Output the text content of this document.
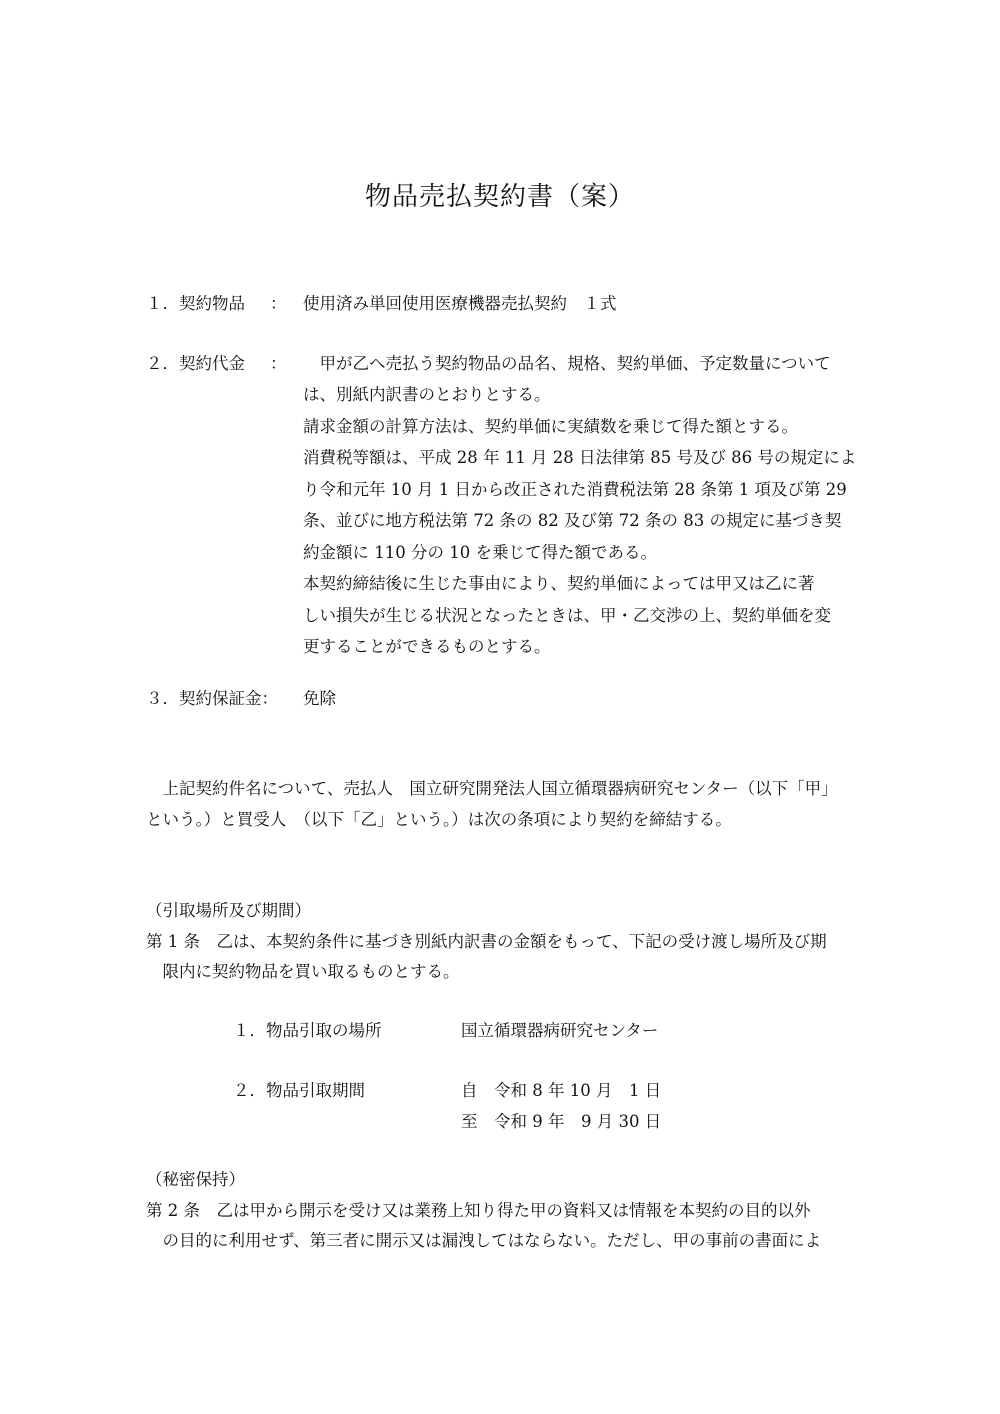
物品売払契約書（案）
１．契約物品 ： 使用済み単回使用医療機器売払契約　１式
２．契約代金 ： 　甲が乙へ売払う契約物品の品名、規格、契約単価、予定数量について
は、別紙内訳書のとおりとする。
請求金額の計算方法は、契約単価に実績数を乗じて得た額とする。
消費税等額は、平成 28 年 11 月 28 日法律第 85 号及び 86 号の規定によ
り令和元年 10 月 1 日から改正された消費税法第 28 条第 1 項及び第 29
条、並びに地方税法第 72 条の 82 及び第 72 条の 83 の規定に基づき契
約金額に 110 分の 10 を乗じて得た額である。
本契約締結後に生じた事由により、契約単価によっては甲又は乙に著
しい損失が生じる状況となったときは、甲・乙交渉の上、契約単価を変
更することができるものとする。
３．契約保証金： 免除
　上記契約件名について、売払人　国立研究開発法人国立循環器病研究センター（以下「甲」
という。）と買受人　（以下「乙」という。）は次の条項により契約を締結する。
（引取場所及び期間）
第 1 条　乙は、本契約条件に基づき別紙内訳書の金額をもって、下記の受け渡し場所及び期
　限内に契約物品を買い取るものとする。
１．物品引取の場所	国立循環器病研究センター
２．物品引取期間	自　令和 8 年 10 月　1 日
至　令和 9 年　9 月 30 日
（秘密保持）
第 2 条　乙は甲から開示を受け又は業務上知り得た甲の資料又は情報を本契約の目的以外
　の目的に利用せず、第三者に開示又は漏洩してはならない。ただし、甲の事前の書面によ
